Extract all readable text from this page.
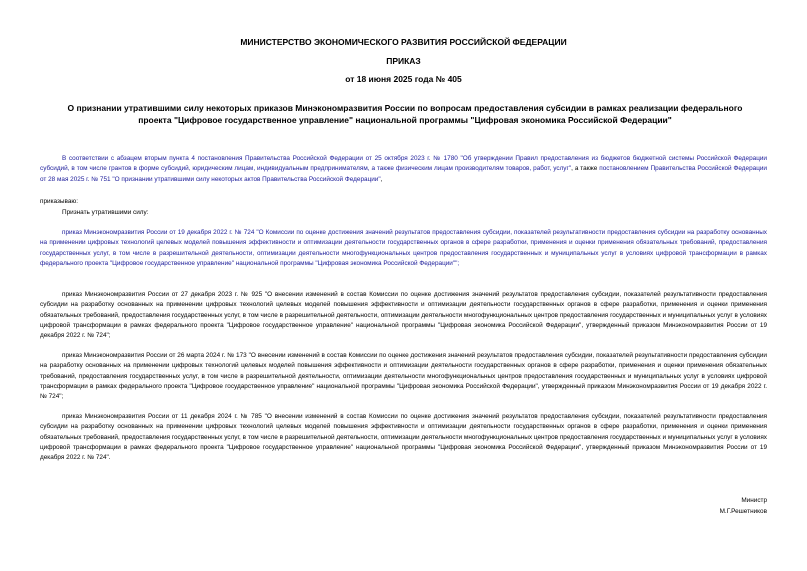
МИНИСТЕРСТВО ЭКОНОМИЧЕСКОГО РАЗВИТИЯ РОССИЙСКОЙ ФЕДЕРАЦИИ
ПРИКАЗ
от 18 июня 2025 года № 405
О признании утратившими силу некоторых приказов Минэкономразвития России по вопросам предоставления субсидии в рамках реализации федерального проекта "Цифровое государственное управление" национальной программы "Цифровая экономика Российской Федерации"

В соответствии с абзацем вторым пункта 4 постановления Правительства Российской Федерации от 25 октября 2023 г. № 1780 "Об утверждении Правил предоставления из бюджетов бюджетной системы Российской Федерации субсидий, в том числе грантов в форме субсидий, юридическим лицам, индивидуальным предпринимателям, а также физическим лицам производителям товаров, работ, услуг", а также постановлением Правительства Российской Федерации от 28 мая 2025 г. № 751 "О признании утратившими силу некоторых актов Правительства Российской Федерации",

приказываю:
Признать утратившими силу:

приказ Минэкономразвития России от 19 декабря 2022 г. № 724 "О Комиссии по оценке достижения значений результатов предоставления субсидии, показателей результативности предоставления субсидии на разработку основанных на применении цифровых технологий целевых моделей повышения эффективности и оптимизации деятельности государственных органов в сфере разработки, применения и оценки применения обязательных требований, предоставления государственных услуг, в том числе в разрешительной деятельности, оптимизации деятельности многофункциональных центров предоставления государственных и муниципальных услуг в условиях цифровой трансформации в рамках федерального проекта "Цифровое государственное управление" национальной программы "Цифровая экономика Российской Федерации"";

приказ Минэкономразвития России от 27 декабря 2023 г. № 925 "О внесении изменений в состав Комиссии по оценке достижения значений результатов предоставления субсидии, показателей результативности предоставления субсидии на разработку основанных на применении цифровых технологий целевых моделей повышения эффективности и оптимизации деятельности государственных органов в сфере разработки, применения и оценки применения обязательных требований, предоставления государственных услуг, в том числе в разрешительной деятельности, оптимизации деятельности многофункциональных центров предоставления государственных и муниципальных услуг в условиях цифровой трансформации в рамках федерального проекта "Цифровое государственное управление" национальной программы "Цифровая экономика Российской Федерации", утвержденный приказом Минэкономразвития России от 19 декабря 2022 г. № 724";

приказ Минэкономразвития России от 26 марта 2024 г. № 173 "О внесении изменений в состав Комиссии по оценке достижения значений результатов предоставления субсидии, показателей результативности предоставления субсидии на разработку основанных на применении цифровых технологий целевых моделей повышения эффективности и оптимизации деятельности государственных органов в сфере разработки, применения и оценки применения обязательных требований, предоставления государственных услуг, в том числе в разрешительной деятельности, оптимизации деятельности многофункциональных центров предоставления государственных и муниципальных услуг в условиях цифровой трансформации в рамках федерального проекта "Цифровое государственное управление" национальной программы "Цифровая экономика Российской Федерации", утвержденный приказом Минэкономразвития России от 19 декабря 2022 г. № 724";

приказ Минэкономразвития России от 11 декабря 2024 г. № 785 "О внесении изменений в состав Комиссии по оценке достижения значений результатов предоставления субсидии, показателей результативности предоставления субсидии на разработку основанных на применении цифровых технологий целевых моделей повышения эффективности и оптимизации деятельности государственных органов в сфере разработки, применения и оценки применения обязательных требований, предоставления государственных услуг, в том числе в разрешительной деятельности, оптимизации деятельности многофункциональных центров предоставления государственных и муниципальных услуг в условиях цифровой трансформации в рамках федерального проекта "Цифровое государственное управление" национальной программы "Цифровая экономика Российской Федерации", утвержденный приказом Минэкономразвития России от 19 декабря 2022 г. № 724".

Министр
М.Г.Решетников
